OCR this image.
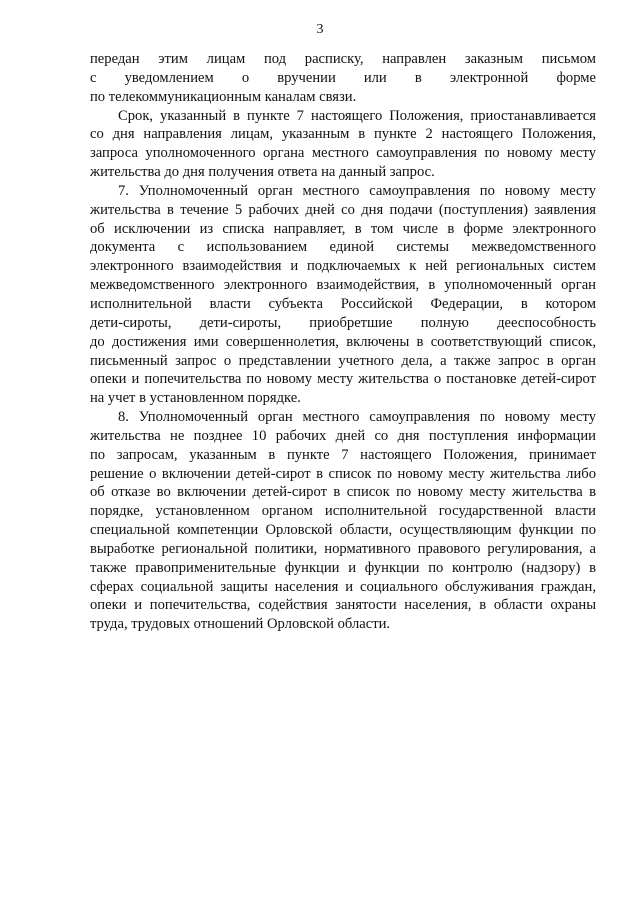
3
передан этим лицам под расписку, направлен заказным письмом
с уведомлением о вручении или в электронной форме
по телекоммуникационным каналам связи.
Срок, указанный в пункте 7 настоящего Положения, приостанавливается
со дня направления лицам, указанным в пункте 2 настоящего Положения,
запроса уполномоченного органа местного самоуправления по новому месту
жительства до дня получения ответа на данный запрос.
7. Уполномоченный орган местного самоуправления по новому месту
жительства в течение 5 рабочих дней со дня подачи (поступления) заявления
об исключении из списка направляет, в том числе в форме электронного
документа с использованием единой системы межведомственного
электронного взаимодействия и подключаемых к ней региональных систем
межведомственного электронного взаимодействия, в уполномоченный орган
исполнительной власти субъекта Российской Федерации, в котором
дети-сироты, дети-сироты, приобретшие полную дееспособность
до достижения ими совершеннолетия, включены в соответствующий список,
письменный запрос о представлении учетного дела, а также запрос в орган
опеки и попечительства по новому месту жительства о постановке детей-сирот
на учет в установленном порядке.
8. Уполномоченный орган местного самоуправления по новому месту
жительства не позднее 10 рабочих дней со дня поступления информации
по запросам, указанным в пункте 7 настоящего Положения, принимает
решение о включении детей-сирот в список по новому месту жительства либо
об отказе во включении детей-сирот в список по новому месту жительства в
порядке, установленном органом исполнительной государственной власти
специальной компетенции Орловской области, осуществляющим функции по
выработке региональной политики, нормативного правового регулирования, а
также правоприменительные функции и функции по контролю (надзору) в
сферах социальной защиты населения и социального обслуживания граждан,
опеки и попечительства, содействия занятости населения, в области охраны
труда, трудовых отношений Орловской области.
